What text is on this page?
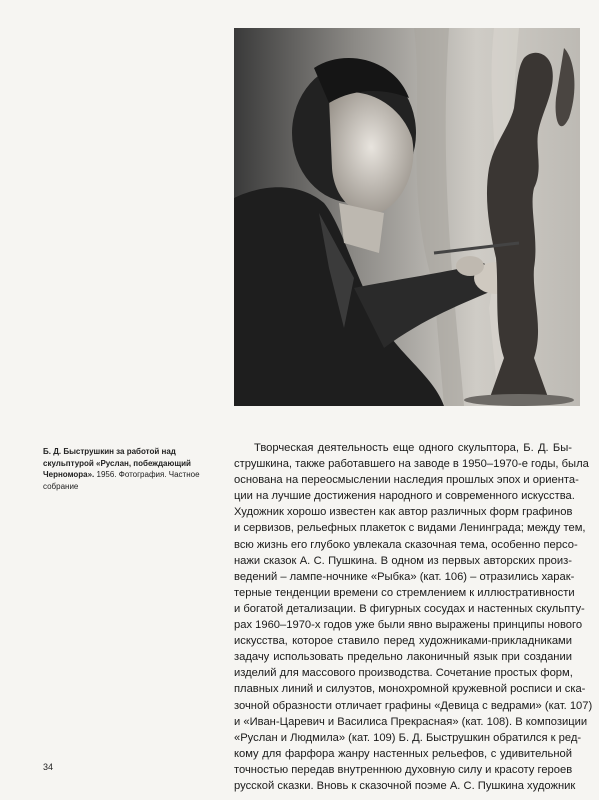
Б. Д. Быструшкин за работой над скульптурой «Руслан, побеждающий Черномора». 1956. Фотография. Частное собрание
Творческая деятельность еще одного скульптора, Б. Д. Бы-
струшкина, также работавшего на заводе в 1950–1970-е годы, была
основана на переосмыслении наследия прошлых эпох и ориента-
ции на лучшие достижения народного и современного искусства.
Художник хорошо известен как автор различных форм графинов
и сервизов, рельефных плакеток с видами Ленинграда; между тем,
всю жизнь его глубоко увлекала сказочная тема, особенно персо-
нажи сказок А. С. Пушкина. В одном из первых авторских произ-
ведений – лампе-ночнике «Рыбка» (кат. 106) – отразились харак-
терные тенденции времени со стремлением к иллюстративности
и богатой детализации. В фигурных сосудах и настенных скульпту-
рах 1960–1970-х годов уже были явно выражены принципы нового
искусства, которое ставило перед художниками-прикладниками
задачу использовать предельно лаконичный язык при создании
изделий для массового производства. Сочетание простых форм,
плавных линий и силуэтов, монохромной кружевной росписи и ска-
зочной образности отличает графины «Девица с ведрами» (кат. 107)
и «Иван-Царевич и Василиса Прекрасная» (кат. 108). В композиции
«Руслан и Людмила» (кат. 109) Б. Д. Быструшкин обратился к ред-
кому для фарфора жанру настенных рельефов, с удивительной
точностью передав внутреннюю духовную силу и красоту героев
русской сказки. Вновь к сказочной поэме А. С. Пушкина художник
34
